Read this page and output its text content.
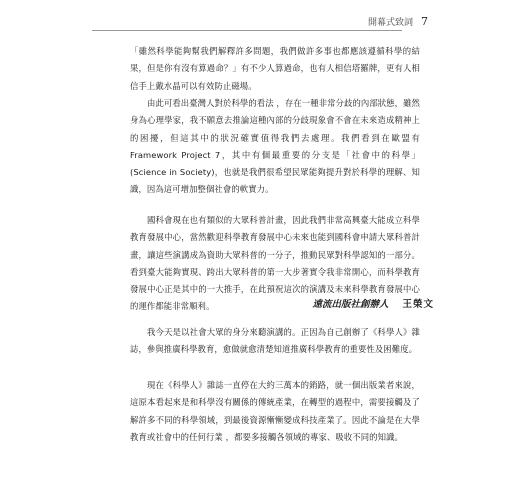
開幕式致詞 7

「雖然科學能夠幫我們解釋許多問題，我們做許多事也都應該遵循科學的結果，但是你有沒有算過命？」有不少人算過命，也有人相信塔羅牌，更有人相信手上戴水晶可以有效防止磁場。

由此可看出臺灣人對於科學的看法 ，存在一種非常分歧的內部狀態，雖然身為心理學家，我不願意去推論這種內部的分歧現象會不會在未來造成精神上的困擾，但這其中的狀況確實值得我們去處理。我們看到在歐盟有 Framework Project 7，其中有個最重要的分支是「社會中的科學」(Science in Society)，也就是我們很希望民眾能夠提升對於科學的理解、知識，因為這可增加整個社會的軟實力。

國科會現在也有類似的大眾科普計畫，因此我們非常高興臺大能成立科學教育發展中心，當然歡迎科學教育發展中心未來也能到國科會申請大眾科普計畫，讓這些演講成為資助大眾科普的一分子，推動民眾對科學認知的一部分。看到臺大能夠實現、跨出大眾科普的第一大步著實令我非常開心，而科學教育發展中心正是其中的一大推手，在此預祝這次的演講及未來科學教育發展中心的運作都能非常順利。	遠流出版社創辦人 王榮文

我今天是以社會大眾的身分來聽演講的。正因為自己創辦了《科學人》雜誌，參與推廣科學教育，愈做就愈清楚知道推廣科學教育的重要性及困難度。

現在《科學人》雜誌一直停在大約三萬本的銷路，就一個出版業者來說，這原本看起來是和科學沒有關係的傳統產業，在轉型的過程中，需要接觸及了解許多不同的科學領域，到最後資源慚慚變成科技產業了。因此不論是在大學教育或社會中的任何行業 ，都要多接觸各領域的專家、吸收不同的知識。
